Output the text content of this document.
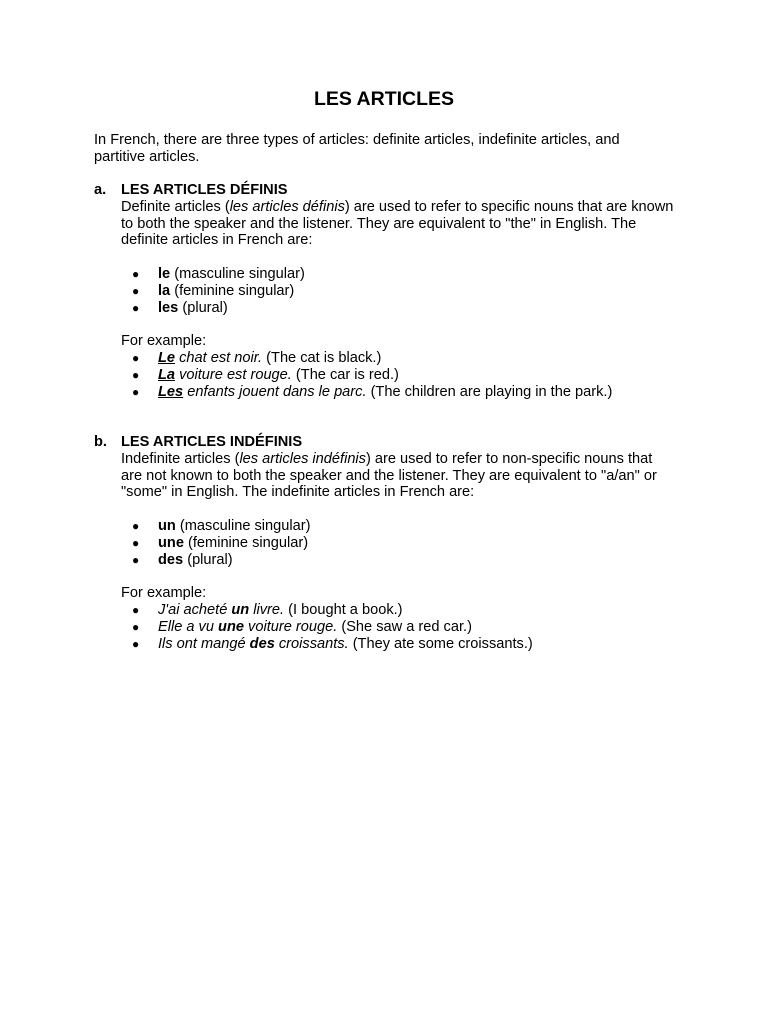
LES ARTICLES

In French, there are three types of articles: definite articles, indefinite articles, and partitive articles.

a.	LES ARTICLES DÉFINIS

Definite articles (les articles définis) are used to refer to specific nouns that are known to both the speaker and the listener. They are equivalent to "the" in English. The definite articles in French are:

● le (masculine singular)
● la (feminine singular)
● les (plural)

For example:

● Le chat est noir. (The cat is black.)
● La voiture est rouge. (The car is red.)
● Les enfants jouent dans le parc. (The children are playing in the park.)
b. LES ARTICLES INDÉFINIS

Indefinite articles (les articles indéfinis) are used to refer to non-specific nouns that are not known to both the speaker and the listener. They are equivalent to "a/an" or "some" in English. The indefinite articles in French are:

● un (masculine singular)
● une (feminine singular)
● des (plural)

For example:

● J'ai acheté un livre. (I bought a book.)
● Elle a vu une voiture rouge. (She saw a red car.)
● Ils ont mangé des croissants. (They ate some croissants.)
